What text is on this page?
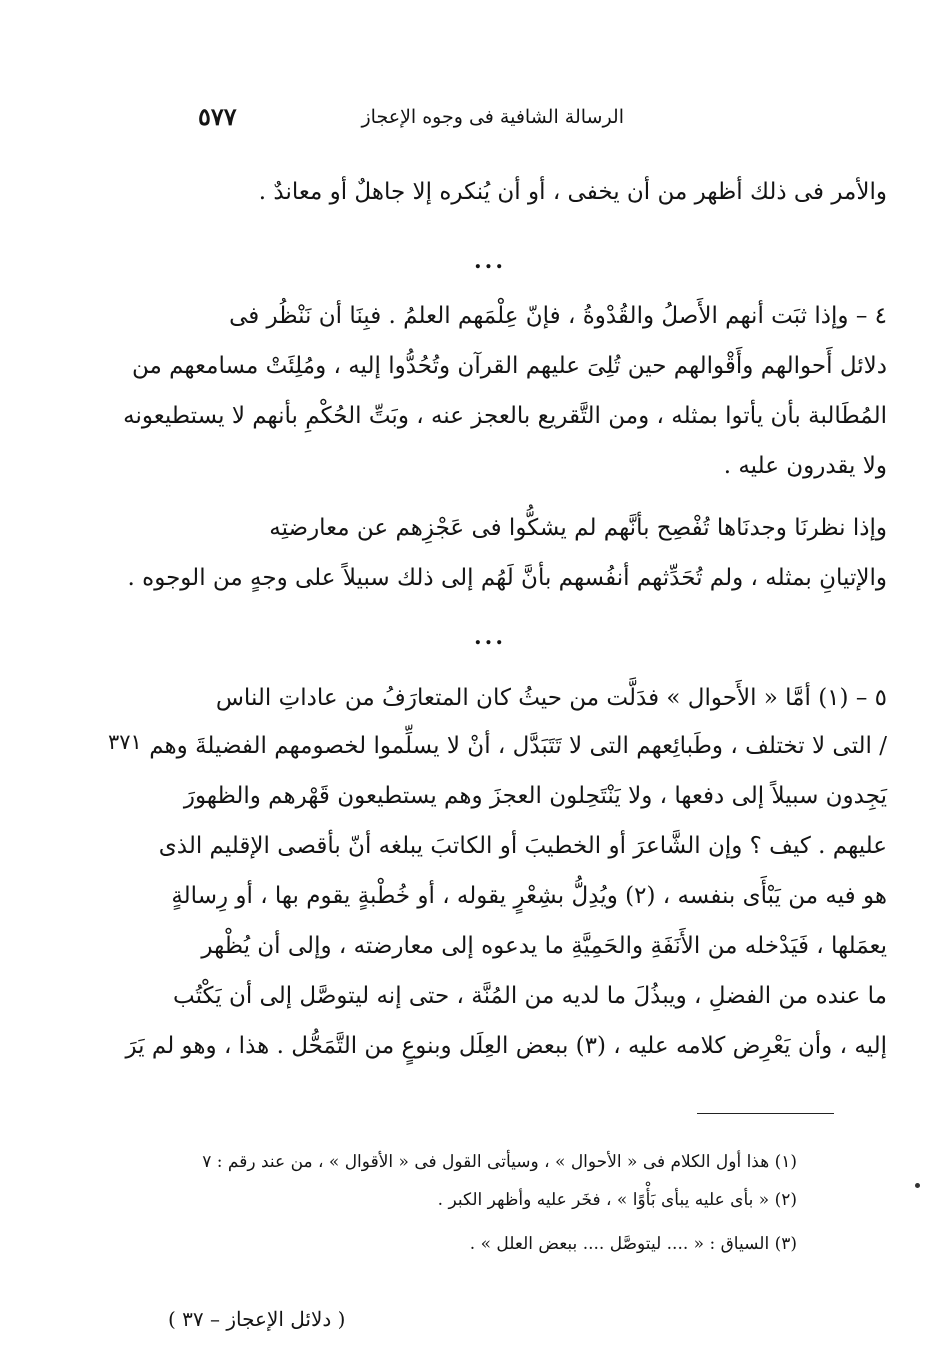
الرسالة الشافية فى وجوه الإعجاز
٥٧٧
والأمر فى ذلك أظهر من أن يخفى ، أو أن يُنكره إلا جاهلٌ أو معاندٌ .
...
٤ – وإذا ثبَت أنهم الأَصلُ والقُدْوةُ ، فإنّ عِلْمَهم العلمُ . فبِنَا أن نَنْظُر فى
دلائل أَحوالهم وأَقْوالهم حين تُلِىَ عليهم القرآن وتُحُدُّوا إليه ، ومُلِئَتْ مسامعهم من
المُطَالبة بأن يأتوا بمثله ، ومن التَّقريع بالعجز عنه ، وبَتِّ الحُكْمِ بأنهم لا يستطيعونه
ولا يقدرون عليه .
وإذا نظرنَا وجدنَاها تُفْصِح بأنَّهم لم يشكُّوا فى عَجْزِهم عن معارضتِه
والإتيانِ بمثله ، ولم تُحَدِّثهم أنفُسهم بأنَّ لَهُم إلى ذلك سبيلاً على وجهٍ من الوجوه .
...
٥ – (١) أمَّا « الأَحوال » فدَلَّت من حيثُ كان المتعارَفُ من عاداتِ الناس
/ التى لا تختلف ، وطَبائِعهم التى لا تَتَبَدَّل ، أنْ لا يسلِّموا لخصومهم الفضيلةَ وهم
يَجِدون سبيلاً إلى دفعها ، ولا يَنْتَحِلون العجزَ وهم يستطيعون قَهْرهم والظهورَ
عليهم . كيف ؟ وإن الشَّاعرَ أو الخطيبَ أو الكاتبَ يبلغه أنّ بأقصى الإقليم الذى
هو فيه من يَبْأَى بنفسه ، (٢) ويُدِلُّ بشِعْرٍ يقوله ، أو خُطْبةٍ يقوم بها ، أو رِسالةٍ
يعمَلها ، فَيَدْخله من الأَنَفَةِ والحَمِيَّةِ ما يدعوه إلى معارضته ، وإلى أن يُظْهر
ما عنده من الفضلِ ، ويبذُلَ ما لديه من المُنَّة ، حتى إنه ليتوصَّل إلى أن يَكْتُب
إليه ، وأن يَعْرِض كلامه عليه ، (٣) ببعض العِلَل وبنوعٍ من التَّمَحُّل . هذا ، وهو لم يَرَ
٣٧١
(١) هذا أول الكلام فى « الأحوال » ، وسيأتى القول فى « الأقوال » ، من عند رقم : ٧
(٢) « بأى عليه يبأى بَأْوًا » ، فخَر عليه وأظهر الكبر .
(٣) السياق : « .... ليتوصَّل .... ببعض العلل » .
( دلائل الإعجاز – ٣٧ )
